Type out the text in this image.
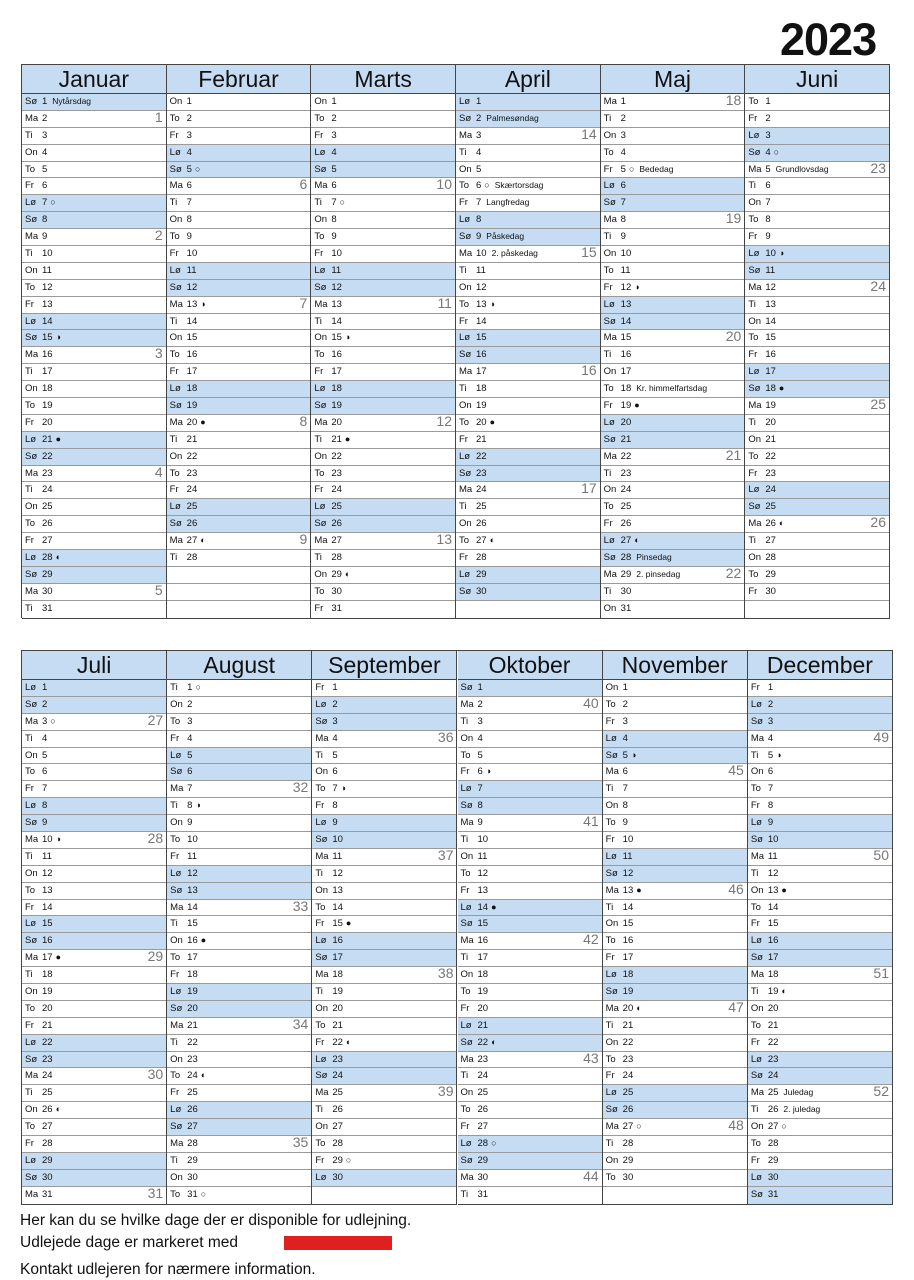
2023
Januar
Sø 1 Nytårsdag
Ma 2	1
Ti 3
On 4
To 5
Fr 6
Lø 7 ○
Sø 8
Ma 9	2
Ti 10
On 11
To 12
Fr 13
Lø 14
Sø 15 ◑
Ma 16	3
Ti 17
On 18
To 19
Fr 20
Lø 21 ●
Sø 22
Ma 23	4
Ti 24
On 25
To 26
Fr 27
Lø 28 ◐
Sø 29
Ma 30	5
Ti 31
Februar
On 1
To 2
Fr 3
Lø 4
Sø 5 ○
Ma 6	6
Ti 7
On 8
To 9
Fr 10
Lø 11
Sø 12
Ma 13 ◑	7
Ti 14
On 15
To 16
Fr 17
Lø 18
Sø 19
Ma 20 ●	8
Ti 21
On 22
To 23
Fr 24
Lø 25
Sø 26
Ma 27 ◐	9
Ti 28
Marts
On 1
To 2
Fr 3
Lø 4
Sø 5
Ma 6	10
Ti 7 ○
On 8
To 9
Fr 10
Lø 11
Sø 12
Ma 13	11
Ti 14
On 15 ◑
To 16
Fr 17
Lø 18
Sø 19
Ma 20	12
Ti 21 ●
On 22
To 23
Fr 24
Lø 25
Sø 26
Ma 27	13
Ti 28
On 29 ◐
To 30
Fr 31
April
Lø 1
Sø 2 Palmesøndag
Ma 3	14
Ti 4
On 5
To 6 ○ Skærtorsdag
Fr 7 Langfredag
Lø 8
Sø 9 Påskedag
Ma 10 2. påskedag	15
Ti 11
On 12
To 13 ◑
Fr 14
Lø 15
Sø 16
Ma 17	16
Ti 18
On 19
To 20 ●
Fr 21
Lø 22
Sø 23
Ma 24	17
Ti 25
On 26
To 27 ◐
Fr 28
Lø 29
Sø 30
Maj
Ma 1	18
Ti 2
On 3
To 4
Fr 5 ○ Bededag
Lø 6
Sø 7
Ma 8	19
Ti 9
On 10
To 11
Fr 12 ◑
Lø 13
Sø 14
Ma 15	20
Ti 16
On 17
To 18 Kr. himmelfartsdag
Fr 19 ●
Lø 20
Sø 21
Ma 22	21
Ti 23
On 24
To 25
Fr 26
Lø 27 ◐
Sø 28 Pinsedag
Ma 29 2. pinsedag	22
Ti 30
On 31
Juni
To 1
Fr 2
Lø 3
Sø 4 ○
Ma 5 Grundlovsdag	23
Ti 6
On 7
To 8
Fr 9
Lø 10 ◑
Sø 11
Ma 12	24
Ti 13
On 14
To 15
Fr 16
Lø 17
Sø 18 ●
Ma 19	25
Ti 20
On 21
To 22
Fr 23
Lø 24
Sø 25
Ma 26 ◐	26
Ti 27
On 28
To 29
Fr 30
Juli
Lø 1
Sø 2
Ma 3 ○	27
Ti 4
On 5
To 6
Fr 7
Lø 8
Sø 9
Ma 10 ◑	28
Ti 11
On 12
To 13
Fr 14
Lø 15
Sø 16
Ma 17 ●	29
Ti 18
On 19
To 20
Fr 21
Lø 22
Sø 23
Ma 24	30
Ti 25
On 26 ◐
To 27
Fr 28
Lø 29
Sø 30
Ma 31	31
August
Ti 1 ○
On 2
To 3
Fr 4
Lø 5
Sø 6
Ma 7	32
Ti 8 ◑
On 9
To 10
Fr 11
Lø 12
Sø 13
Ma 14	33
Ti 15
On 16 ●
To 17
Fr 18
Lø 19
Sø 20
Ma 21	34
Ti 22
On 23
To 24 ◐
Fr 25
Lø 26
Sø 27
Ma 28	35
Ti 29
On 30
To 31 ○
September
Fr 1
Lø 2
Sø 3
Ma 4	36
Ti 5
On 6
To 7 ◑
Fr 8
Lø 9
Sø 10
Ma 11	37
Ti 12
On 13
To 14
Fr 15 ●
Lø 16
Sø 17
Ma 18	38
Ti 19
On 20
To 21
Fr 22 ◐
Lø 23
Sø 24
Ma 25	39
Ti 26
On 27
To 28
Fr 29 ○
Lø 30
Oktober
Sø 1
Ma 2	40
Ti 3
On 4
To 5
Fr 6 ◑
Lø 7
Sø 8
Ma 9	41
Ti 10
On 11
To 12
Fr 13
Lø 14 ●
Sø 15
Ma 16	42
Ti 17
On 18
To 19
Fr 20
Lø 21
Sø 22 ◐
Ma 23	43
Ti 24
On 25
To 26
Fr 27
Lø 28 ○
Sø 29
Ma 30	44
Ti 31
November
On 1
To 2
Fr 3
Lø 4
Sø 5 ◑
Ma 6	45
Ti 7
On 8
To 9
Fr 10
Lø 11
Sø 12
Ma 13 ●	46
Ti 14
On 15
To 16
Fr 17
Lø 18
Sø 19
Ma 20 ◐	47
Ti 21
On 22
To 23
Fr 24
Lø 25
Sø 26
Ma 27 ○	48
Ti 28
On 29
To 30
December
Fr 1
Lø 2
Sø 3
Ma 4	49
Ti 5 ◑
On 6
To 7
Fr 8
Lø 9
Sø 10
Ma 11	50
Ti 12
On 13 ●
To 14
Fr 15
Lø 16
Sø 17
Ma 18	51
Ti 19 ◐
On 20
To 21
Fr 22
Lø 23
Sø 24
Ma 25 Juledag	52
Ti 26 2. juledag
On 27 ○
To 28
Fr 29
Lø 30
Sø 31
Her kan du se hvilke dage der er disponible for udlejning.
Udlejede dage er markeret med
Kontakt udlejeren for nærmere information.
